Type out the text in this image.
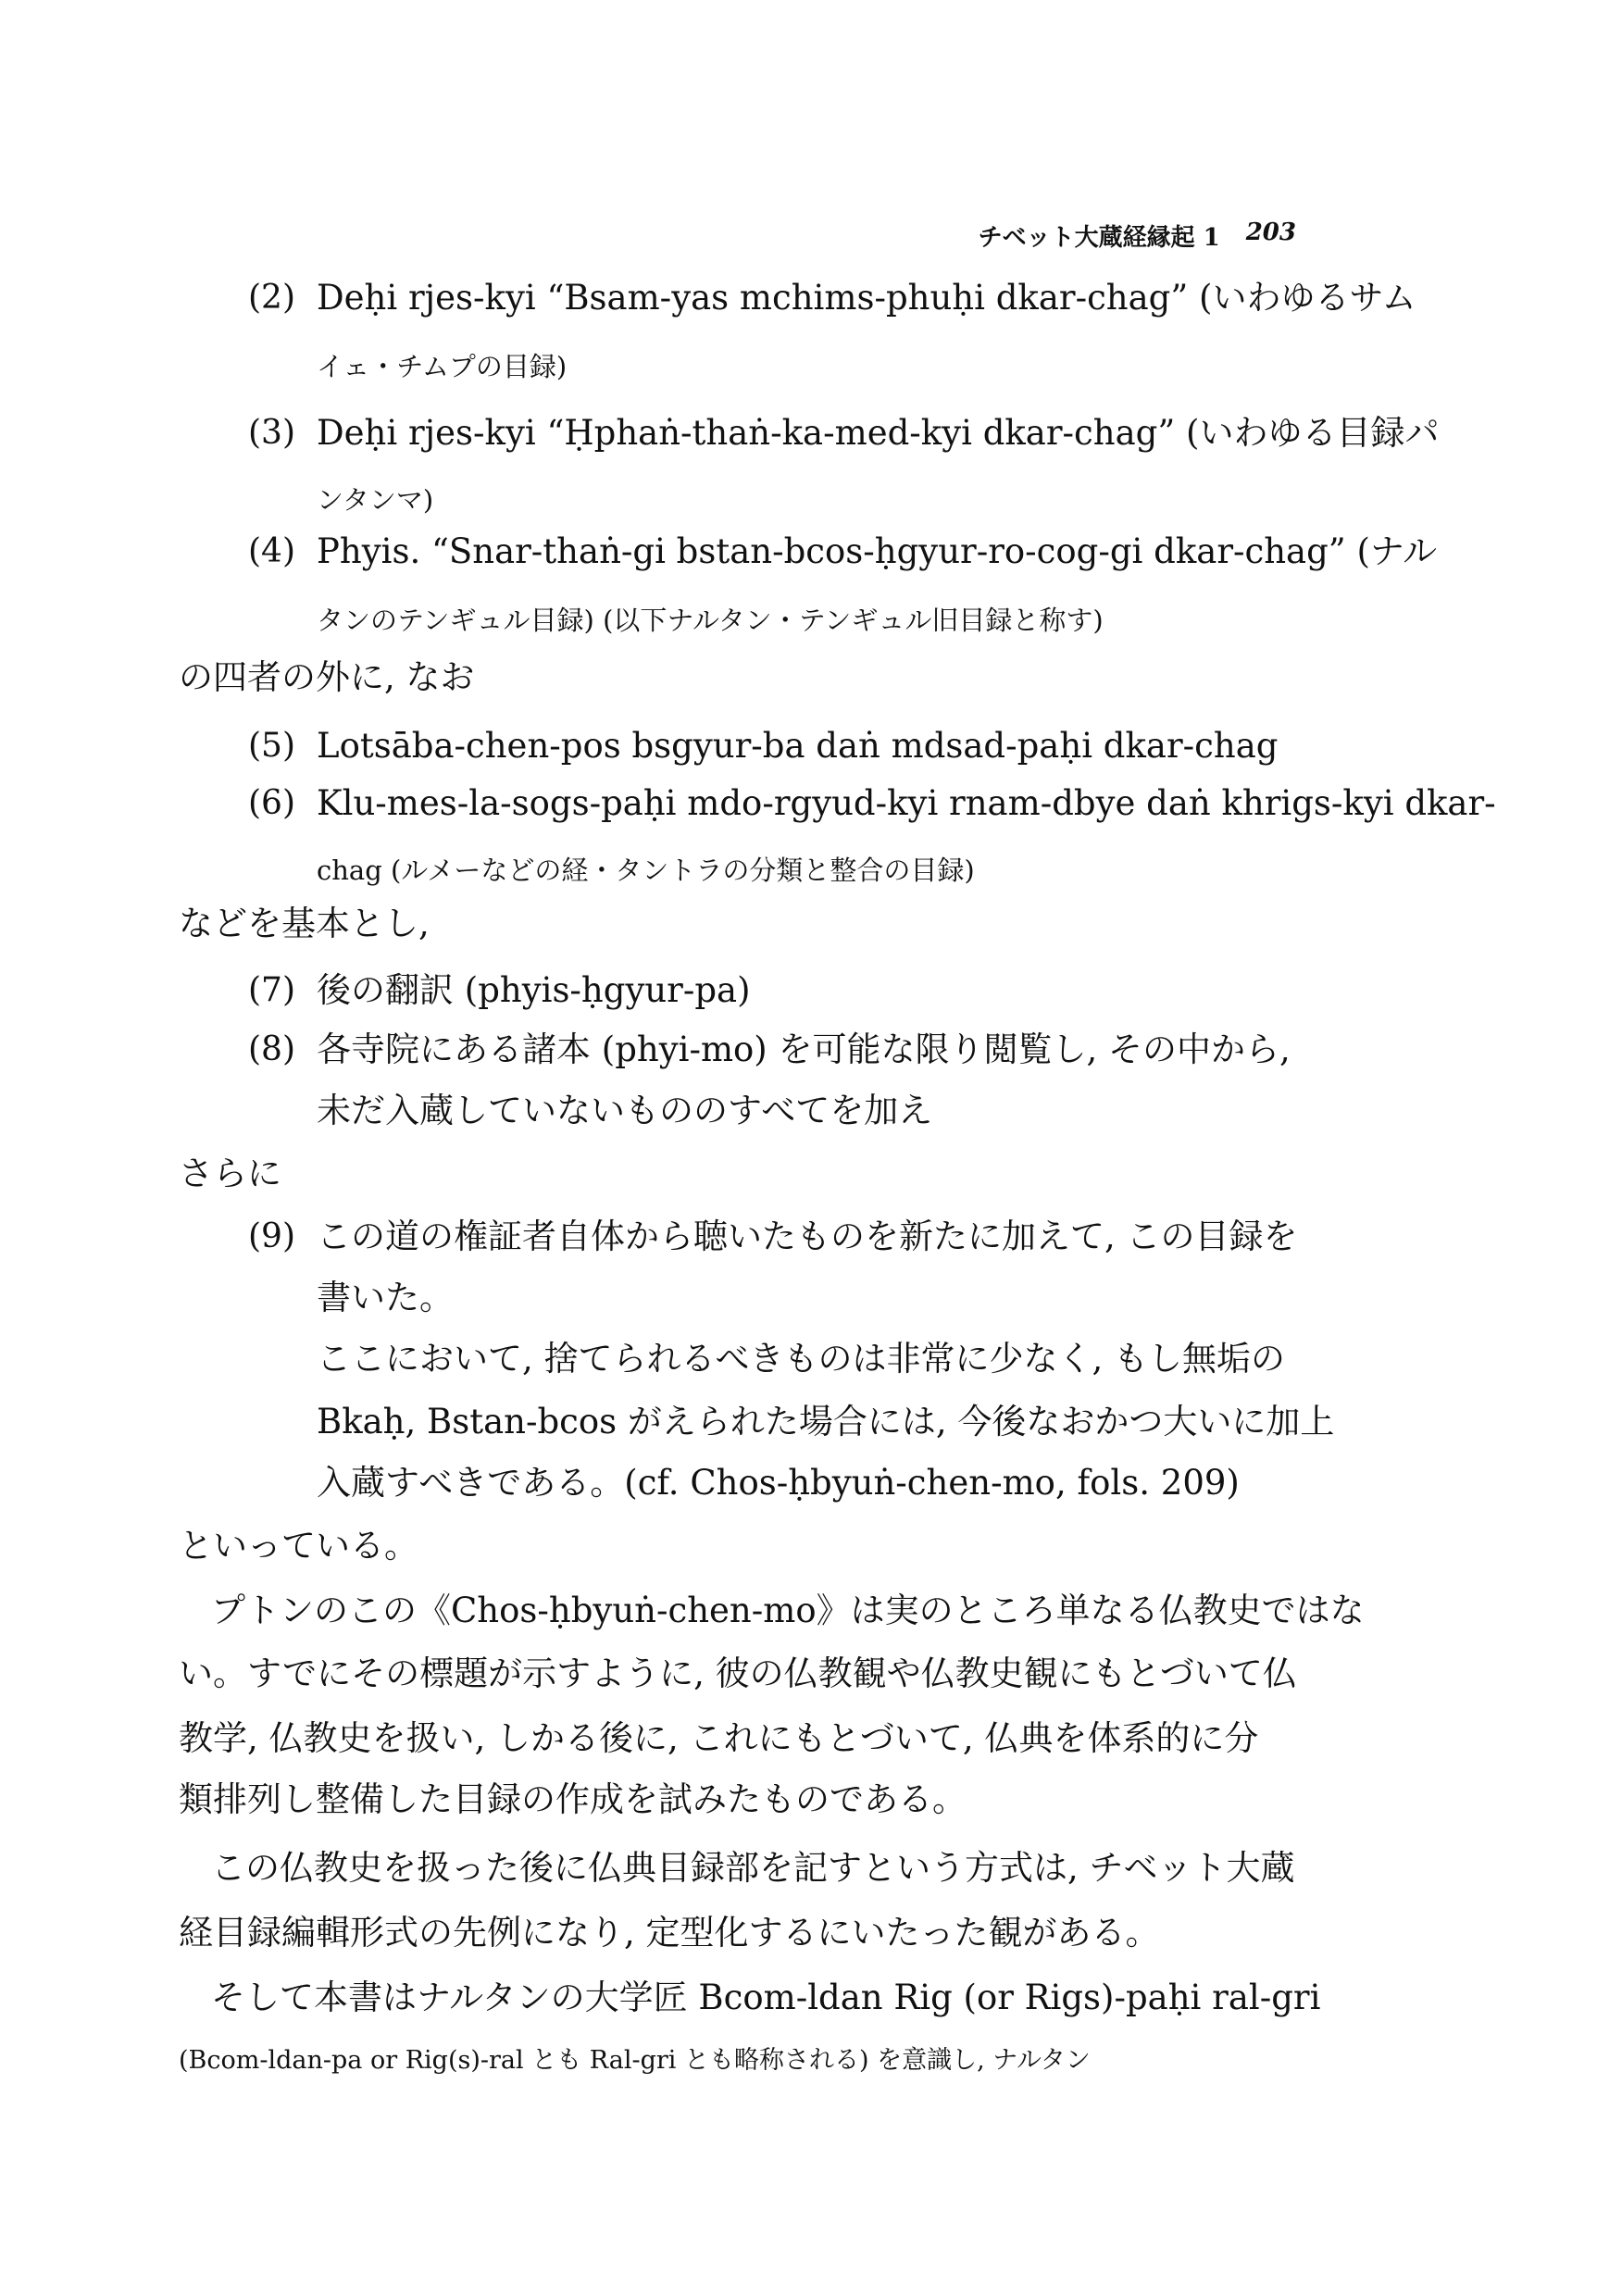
チベット大蔵経縁起 1 203
(2) Deḥi rjes-kyi “Bsam-yas mchims-phuḥi dkar-chag” (いわゆるサム
イェ・チムプの目録)
(3) Deḥi rjes-kyi “Ḥphaṅ-thaṅ-ka-med-kyi dkar-chag” (いわゆる目録パ
ンタンマ)
(4) Phyis. “Snar-thaṅ-gi bstan-bcos-ḥgyur-ro-cog-gi dkar-chag” (ナル
タンのテンギュル目録) (以下ナルタン・テンギュル旧目録と称す)
の四者の外に, なお
(5) Lotsāba-chen-pos bsgyur-ba daṅ mdsad-paḥi dkar-chag
(6) Klu-mes-la-sogs-paḥi mdo-rgyud-kyi rnam-dbye daṅ khrigs-kyi dkar-
chag (ルメーなどの経・タントラの分類と整合の目録)
などを基本とし,
(7) 後の翻訳 (phyis-ḥgyur-pa)
(8) 各寺院にある諸本 (phyi-mo) を可能な限り閲覧し, その中から,
未だ入蔵していないもののすべてを加え
さらに
(9) この道の権証者自体から聴いたものを新たに加えて, この目録を
書いた。
ここにおいて, 捨てられるべきものは非常に少なく, もし無垢の
Bkaḥ, Bstan-bcos がえられた場合には, 今後なおかつ大いに加上
入蔵すべきである。(cf. Chos-ḥbyuṅ-chen-mo, fols. 209)
といっている。
プトンのこの《Chos-ḥbyuṅ-chen-mo》は実のところ単なる仏教史ではな
い。すでにその標題が示すように, 彼の仏教観や仏教史観にもとづいて仏
教学, 仏教史を扱い, しかる後に, これにもとづいて, 仏典を体系的に分
類排列し整備した目録の作成を試みたものである。
この仏教史を扱った後に仏典目録部を記すという方式は, チベット大蔵
経目録編輯形式の先例になり, 定型化するにいたった観がある。
そして本書はナルタンの大学匠 Bcom-ldan Rig (or Rigs)-paḥi ral-gri
(Bcom-ldan-pa or Rig(s)-ral とも Ral-gri とも略称される) を意識し, ナルタン
